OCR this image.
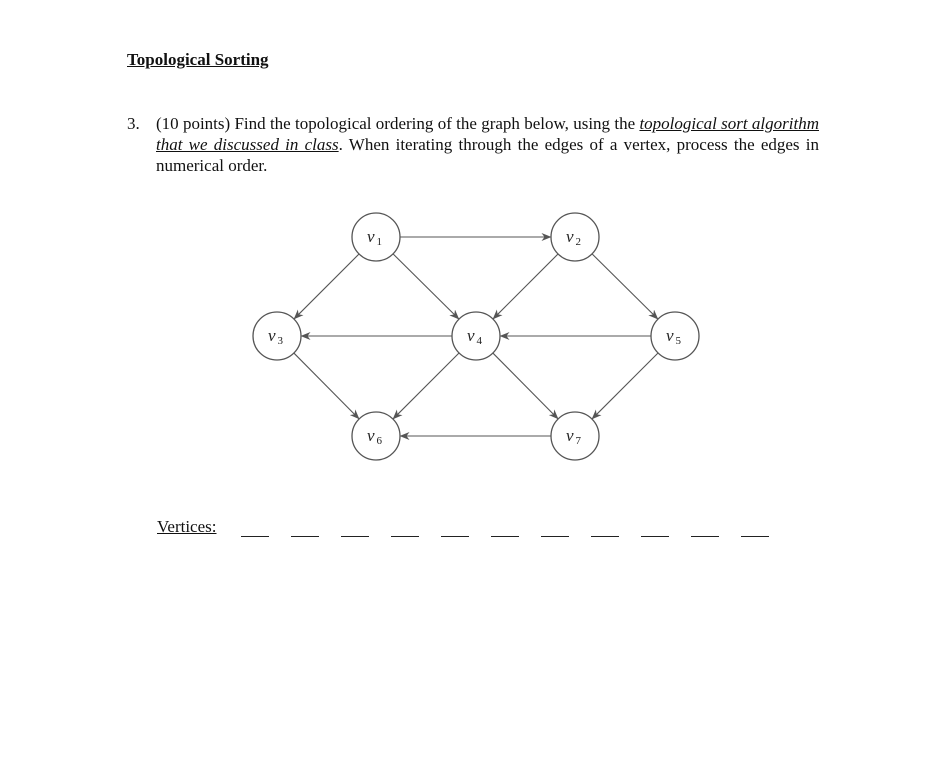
Topological Sorting
3. (10 points) Find the topological ordering of the graph below, using the topological sort algorithm that we discussed in class. When iterating through the edges of a vertex, process the edges in numerical order.
v 1	v 2
v 3	v 4	v 5
v 6	v 7
Vertices:
